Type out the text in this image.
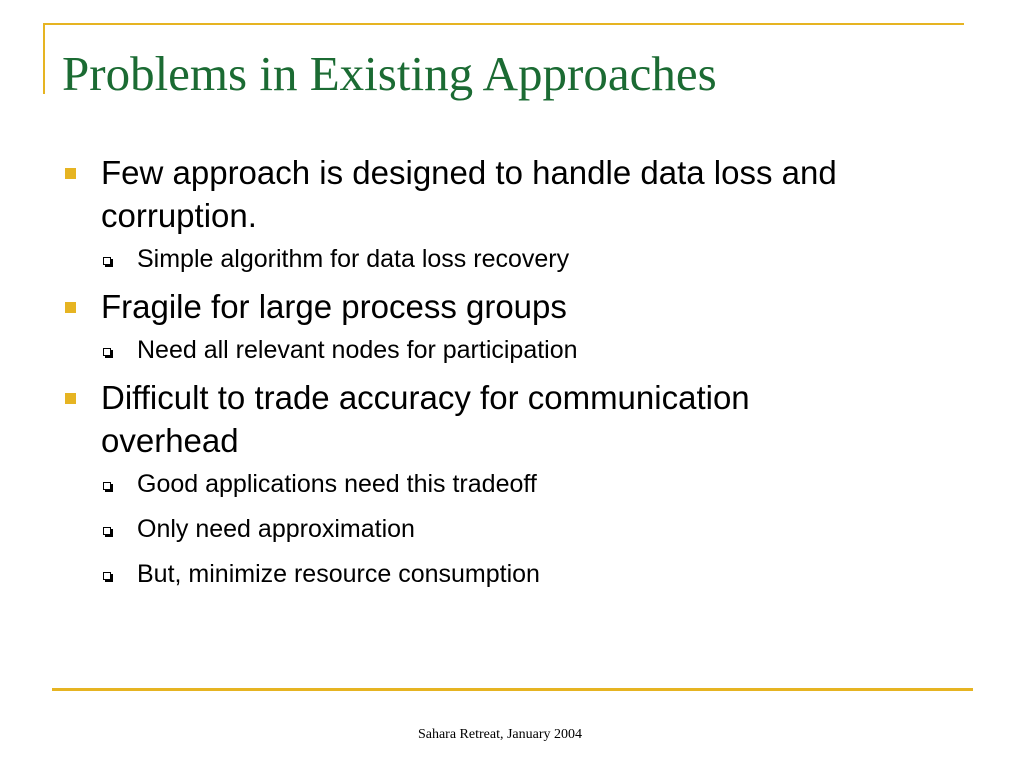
Problems in Existing Approaches
Few approach is designed to handle data loss and corruption.
Simple algorithm for data loss recovery
Fragile for large process groups
Need all relevant nodes for participation
Difficult to trade accuracy for communication overhead
Good applications need this tradeoff
Only need approximation
But, minimize resource consumption
Sahara Retreat, January 2004
